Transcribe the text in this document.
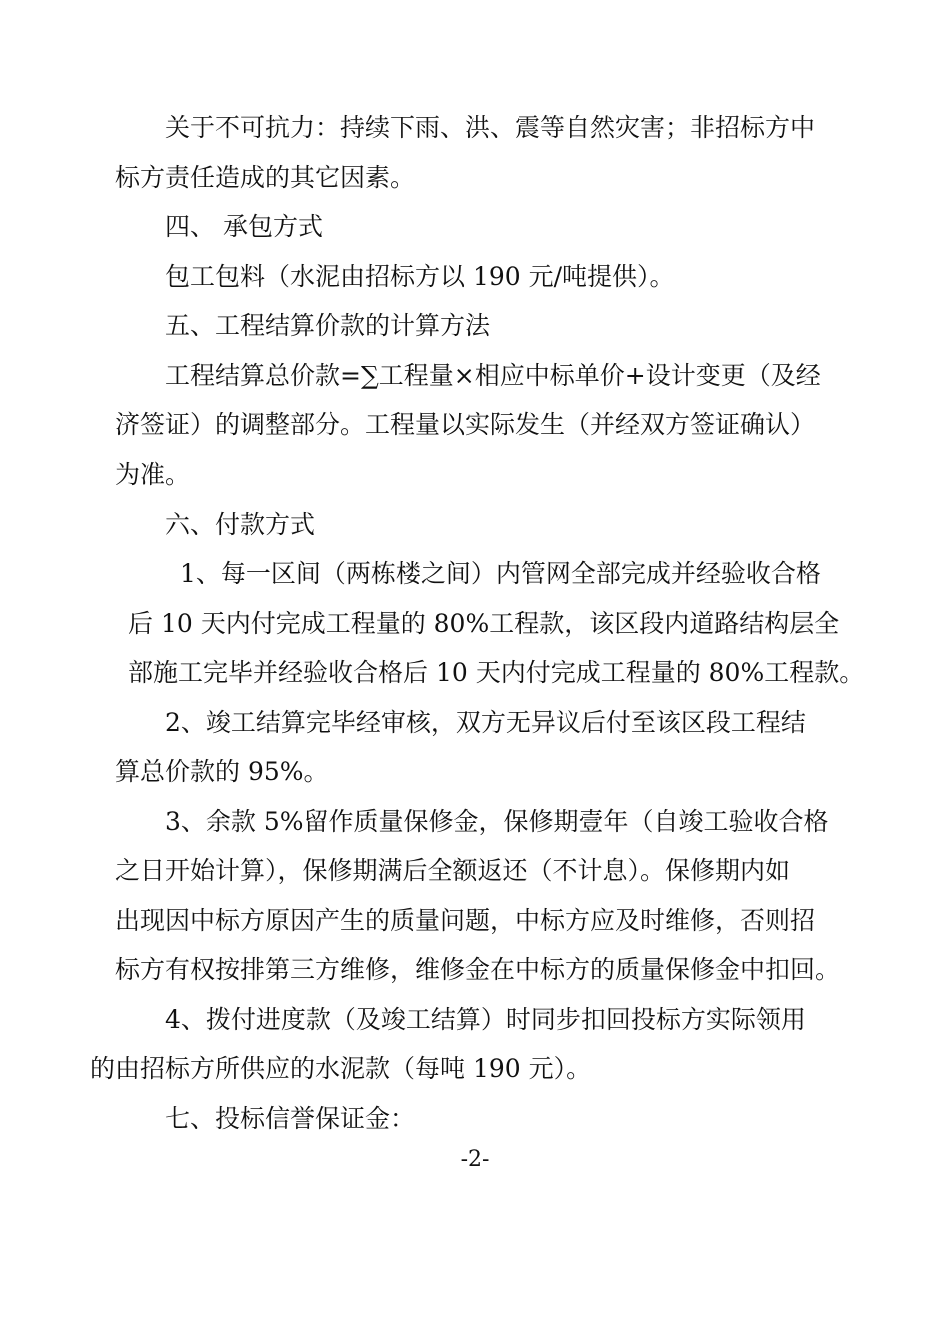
关于不可抗力：持续下雨、洪、震等自然灾害；非招标方中
标方责任造成的其它因素。
四、 承包方式
包工包料（水泥由招标方以 190 元/吨提供）。
五、工程结算价款的计算方法
工程结算总价款=∑工程量×相应中标单价+设计变更（及经
济签证）的调整部分。工程量以实际发生（并经双方签证确认）
为准。
六、付款方式
1、每一区间（两栋楼之间）内管网全部完成并经验收合格
后 10 天内付完成工程量的 80%工程款，该区段内道路结构层全
部施工完毕并经验收合格后 10 天内付完成工程量的 80%工程款。
2、竣工结算完毕经审核，双方无异议后付至该区段工程结
算总价款的 95%。
3、余款 5%留作质量保修金，保修期壹年（自竣工验收合格
之日开始计算），保修期满后全额返还（不计息）。保修期内如
出现因中标方原因产生的质量问题，中标方应及时维修，否则招
标方有权按排第三方维修，维修金在中标方的质量保修金中扣回。
4、拨付进度款（及竣工结算）时同步扣回投标方实际领用
的由招标方所供应的水泥款（每吨 190 元）。
七、投标信誉保证金：
-2-
